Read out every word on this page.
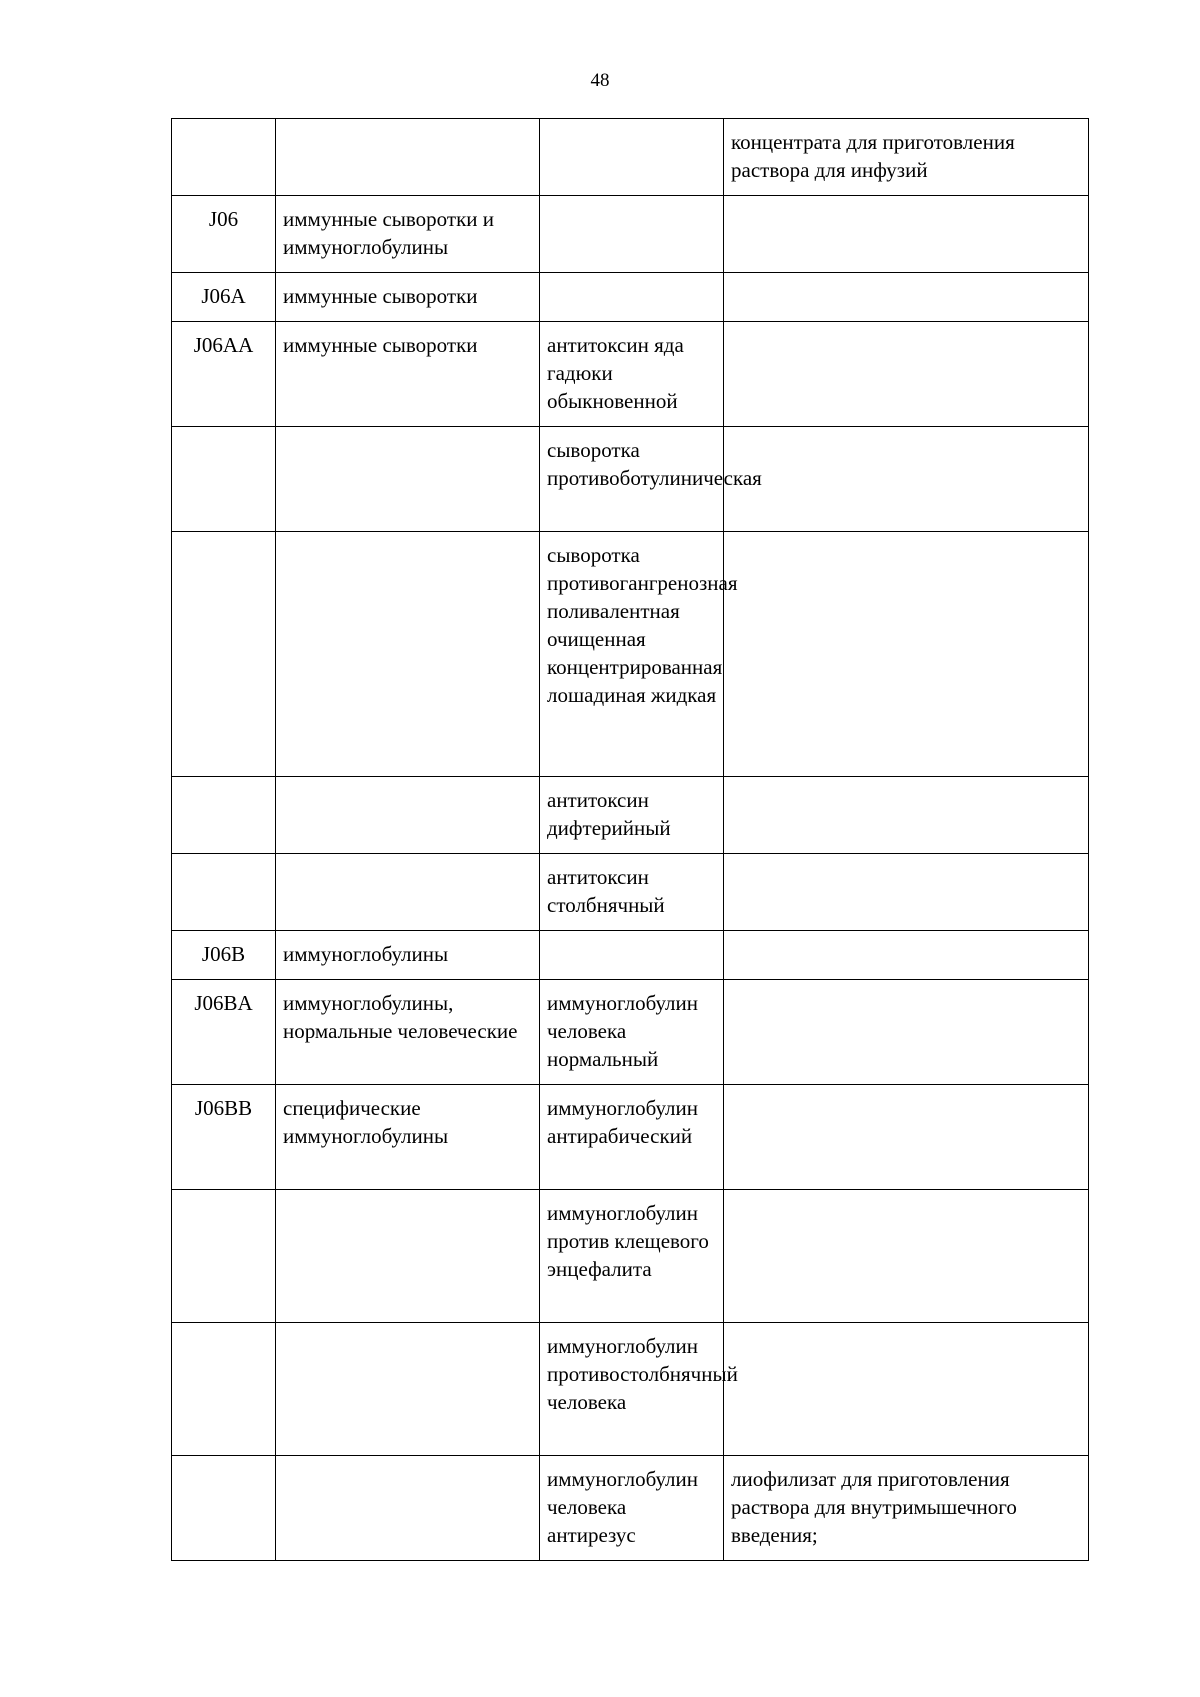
48
			концентрата для приготовления раствора для инфузий
J06	иммунные сыворотки и иммуноглобулины		
J06A	иммунные сыворотки		
J06AA	иммунные сыворотки	антитоксин яда гадюки обыкновенной	
		сыворотка противоботулиническая	
		сыворотка противогангренозная поливалентная очищенная концентрированная лошадиная жидкая	
		антитоксин дифтерийный	
		антитоксин столбнячный	
J06B	иммуноглобулины		
J06BA	иммуноглобулины, нормальные человеческие	иммуноглобулин человека нормальный	
J06BB	специфические иммуноглобулины	иммуноглобулин антирабический	
		иммуноглобулин против клещевого энцефалита	
		иммуноглобулин противостолбнячный человека	
		иммуноглобулин человека антирезус	лиофилизат для приготовления раствора для внутримышечного введения;
